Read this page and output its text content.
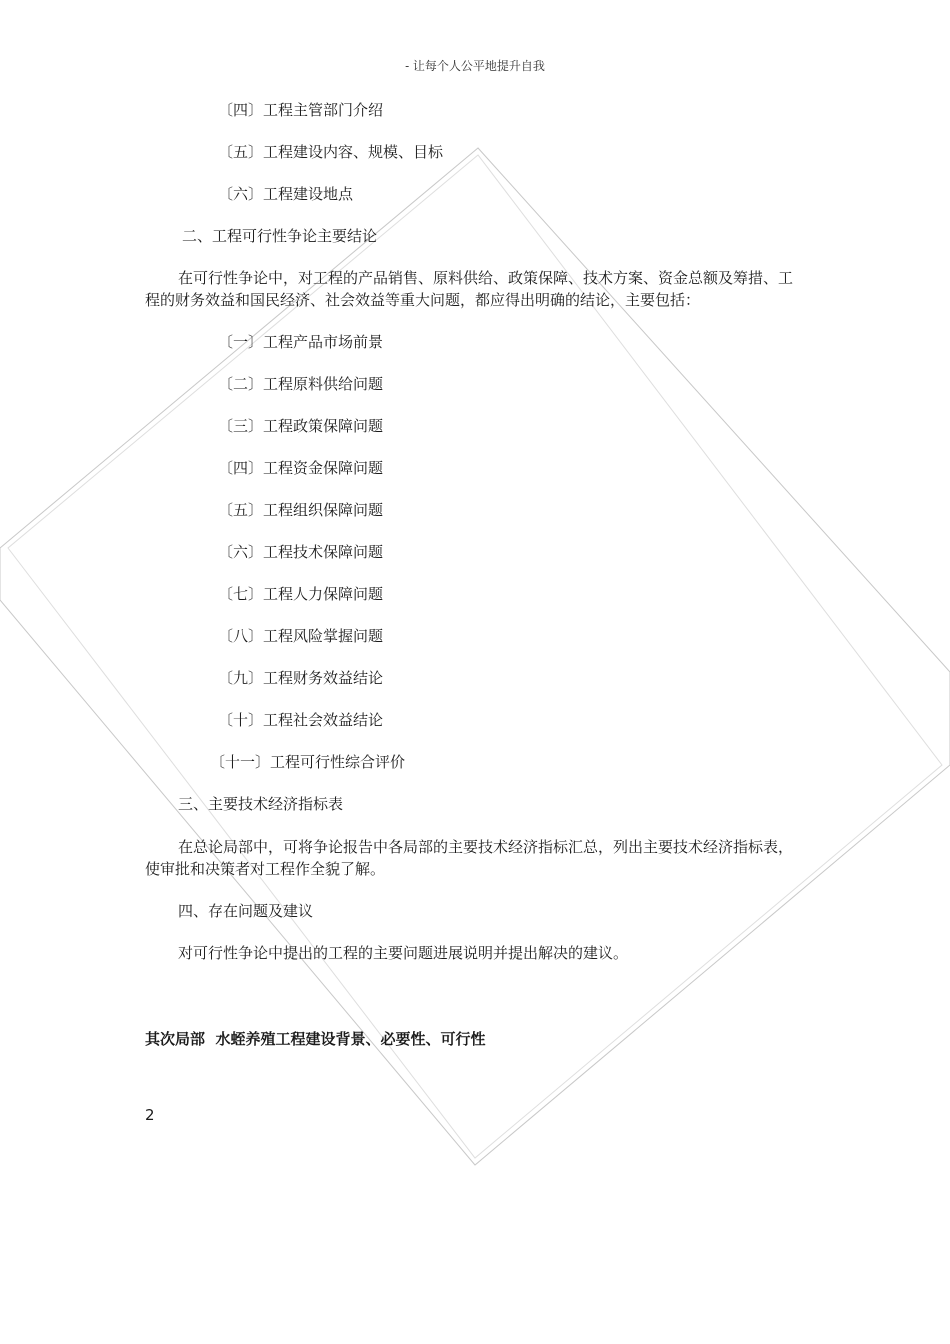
- 让每个人公平地提升自我
〔四〕工程主管部门介绍
〔五〕工程建设内容、规模、目标
〔六〕工程建设地点
二、工程可行性争论主要结论
在可行性争论中，对工程的产品销售、原料供给、政策保障、技术方案、资金总额及筹措、工程的财务效益和国民经济、社会效益等重大问题，都应得出明确的结论，主要包括：
〔一〕工程产品市场前景
〔二〕工程原料供给问题
〔三〕工程政策保障问题
〔四〕工程资金保障问题
〔五〕工程组织保障问题
〔六〕工程技术保障问题
〔七〕工程人力保障问题
〔八〕工程风险掌握问题
〔九〕工程财务效益结论
〔十〕工程社会效益结论
〔十一〕工程可行性综合评价
三、主要技术经济指标表
在总论局部中，可将争论报告中各局部的主要技术经济指标汇总，列出主要技术经济指标表，使审批和决策者对工程作全貌了解。
四、存在问题及建议
对可行性争论中提出的工程的主要问题进展说明并提出解决的建议。
其次局部  水蛭养殖工程建设背景、必要性、可行性
2
